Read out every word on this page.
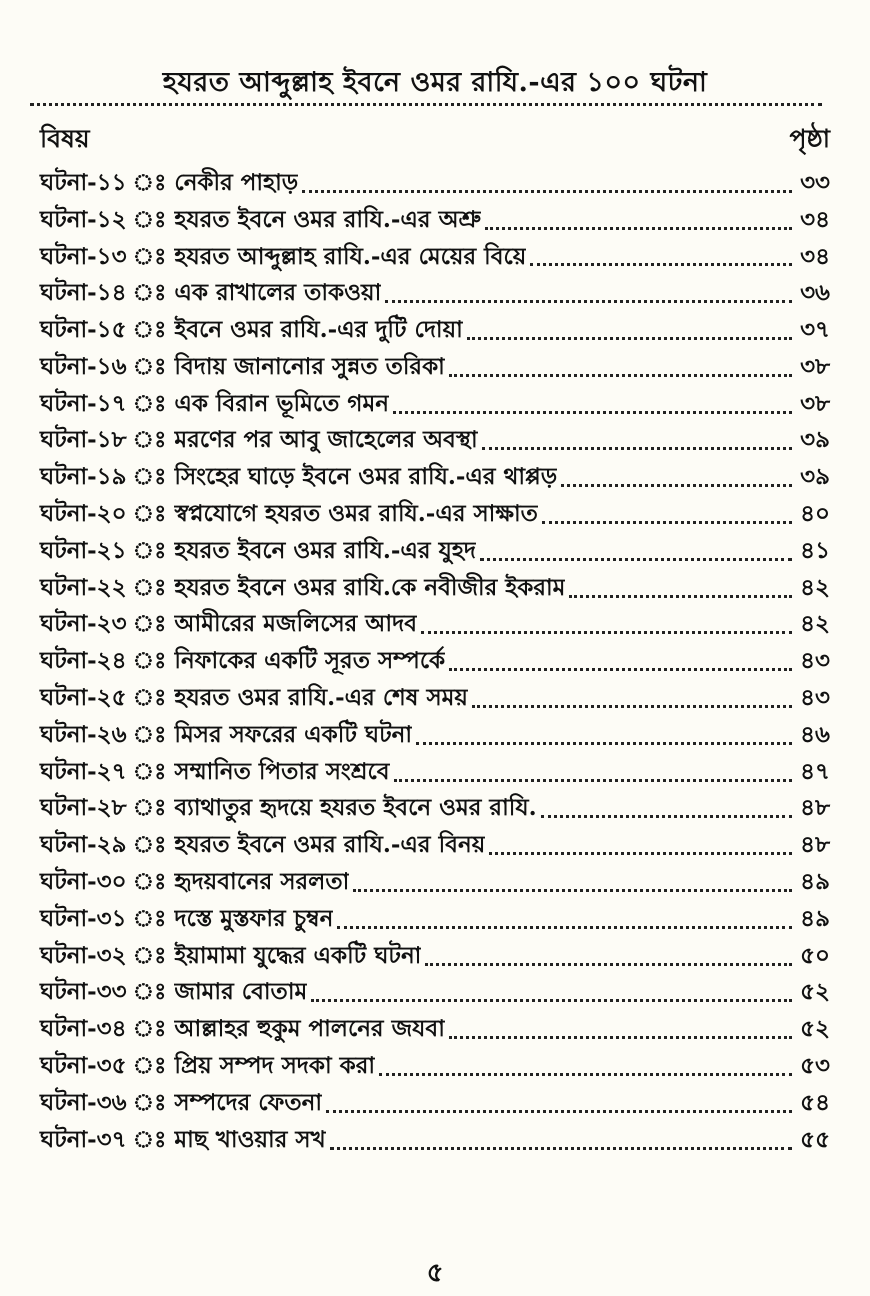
হযরত আব্দুল্লাহ ইবনে ওমর রাযি.-এর ১০০ ঘটনা
বিষয়	পৃষ্ঠা
ঘটনা-১১ ঃ নেকীর পাহাড়	৩৩
ঘটনা-১২ ঃ হযরত ইবনে ওমর রাযি.-এর অশ্রু	৩৪
ঘটনা-১৩ ঃ হযরত আব্দুল্লাহ রাযি.-এর মেয়ের বিয়ে	৩৪
ঘটনা-১৪ ঃ এক রাখালের তাকওয়া	৩৬
ঘটনা-১৫ ঃ ইবনে ওমর রাযি.-এর দুটি দোয়া	৩৭
ঘটনা-১৬ ঃ বিদায় জানানোর সুন্নত তরিকা	৩৮
ঘটনা-১৭ ঃ এক বিরান ভূমিতে গমন	৩৮
ঘটনা-১৮ ঃ মরণের পর আবু জাহেলের অবস্থা	৩৯
ঘটনা-১৯ ঃ সিংহের ঘাড়ে ইবনে ওমর রাযি.-এর থাপ্পড়	৩৯
ঘটনা-২০ ঃ স্বপ্নযোগে হযরত ওমর রাযি.-এর সাক্ষাত	৪০
ঘটনা-২১ ঃ হযরত ইবনে ওমর রাযি.-এর যুহদ	৪১
ঘটনা-২২ ঃ হযরত ইবনে ওমর রাযি.কে নবীজীর ইকরাম	৪২
ঘটনা-২৩ ঃ আমীরের মজলিসের আদব	৪২
ঘটনা-২৪ ঃ নিফাকের একটি সূরত সম্পর্কে	৪৩
ঘটনা-২৫ ঃ হযরত ওমর রাযি.-এর শেষ সময়	৪৩
ঘটনা-২৬ ঃ মিসর সফরের একটি ঘটনা	৪৬
ঘটনা-২৭ ঃ সম্মানিত পিতার সংশ্রবে	৪৭
ঘটনা-২৮ ঃ ব্যাথাতুর হৃদয়ে হযরত ইবনে ওমর রাযি.	৪৮
ঘটনা-২৯ ঃ হযরত ইবনে ওমর রাযি.-এর বিনয়	৪৮
ঘটনা-৩০ ঃ হৃদয়বানের সরলতা	৪৯
ঘটনা-৩১ ঃ দস্তে মুস্তফার চুম্বন	৪৯
ঘটনা-৩২ ঃ ইয়ামামা যুদ্ধের একটি ঘটনা	৫০
ঘটনা-৩৩ ঃ জামার বোতাম	৫২
ঘটনা-৩৪ ঃ আল্লাহর হুকুম পালনের জযবা	৫২
ঘটনা-৩৫ ঃ প্রিয় সম্পদ সদকা করা	৫৩
ঘটনা-৩৬ ঃ সম্পদের ফেতনা	৫৪
ঘটনা-৩৭ ঃ মাছ খাওয়ার সখ	৫৫
৫
